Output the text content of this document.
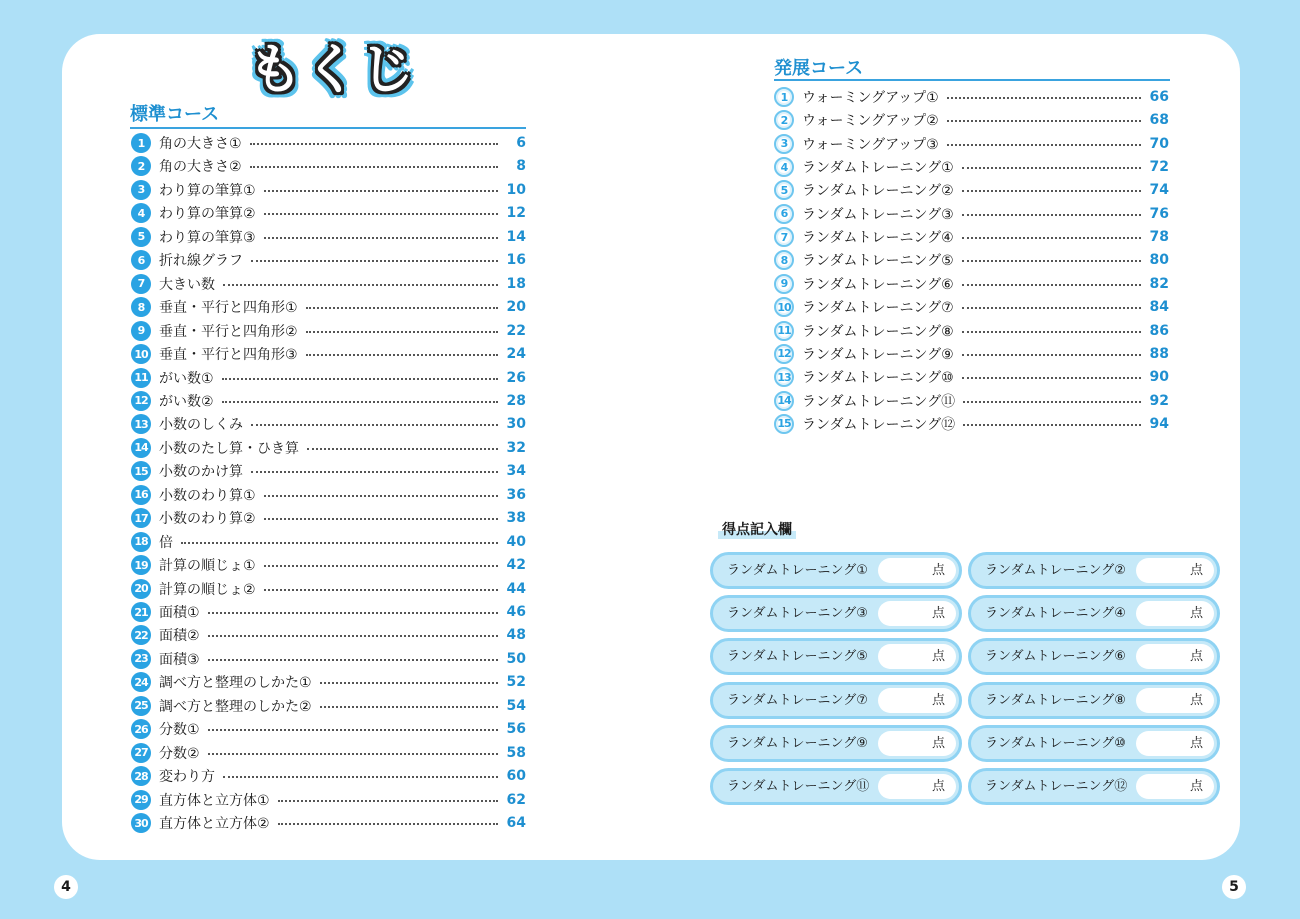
もくじ
標準コース
1	角の大きさ①	6
2	角の大きさ②	8
3	わり算の筆算①	10
4	わり算の筆算②	12
5	わり算の筆算③	14
6	折れ線グラフ	16
7	大きい数	18
8	垂直・平行と四角形①	20
9	垂直・平行と四角形②	22
10 垂直・平行と四角形③	24
11 がい数①	26
12 がい数②	28
13 小数のしくみ	30
14 小数のたし算・ひき算	32
15 小数のかけ算	34
16 小数のわり算①	36
17 小数のわり算②	38
18 倍	40
19 計算の順じょ①	42
20 計算の順じょ②	44
21 面積①	46
22 面積②	48
23 面積③	50
24 調べ方と整理のしかた①	52
25 調べ方と整理のしかた②	54
26 分数①	56
27 分数②	58
28 変わり方	60
29 直方体と立方体①	62
30 直方体と立方体②	64
発展コース
1	ウォーミングアップ①	66
2	ウォーミングアップ②	68
3	ウォーミングアップ③	70
4	ランダムトレーニング①	72
5	ランダムトレーニング②	74
6	ランダムトレーニング③	76
7	ランダムトレーニング④	78
8	ランダムトレーニング⑤	80
9	ランダムトレーニング⑥	82
10 ランダムトレーニング⑦	84
11 ランダムトレーニング⑧	86
12 ランダムトレーニング⑨	88
13 ランダムトレーニング⑩	90
14 ランダムトレーニング⑪	92
15 ランダムトレーニング⑫	94
得点記入欄
ランダムトレーニング①	点	ランダムトレーニング②	点
ランダムトレーニング③	点	ランダムトレーニング④	点
ランダムトレーニング⑤	点	ランダムトレーニング⑥	点
ランダムトレーニング⑦	点	ランダムトレーニング⑧	点
ランダムトレーニング⑨	点	ランダムトレーニング⑩	点
ランダムトレーニング⑪	点	ランダムトレーニング⑫	点
4	5
